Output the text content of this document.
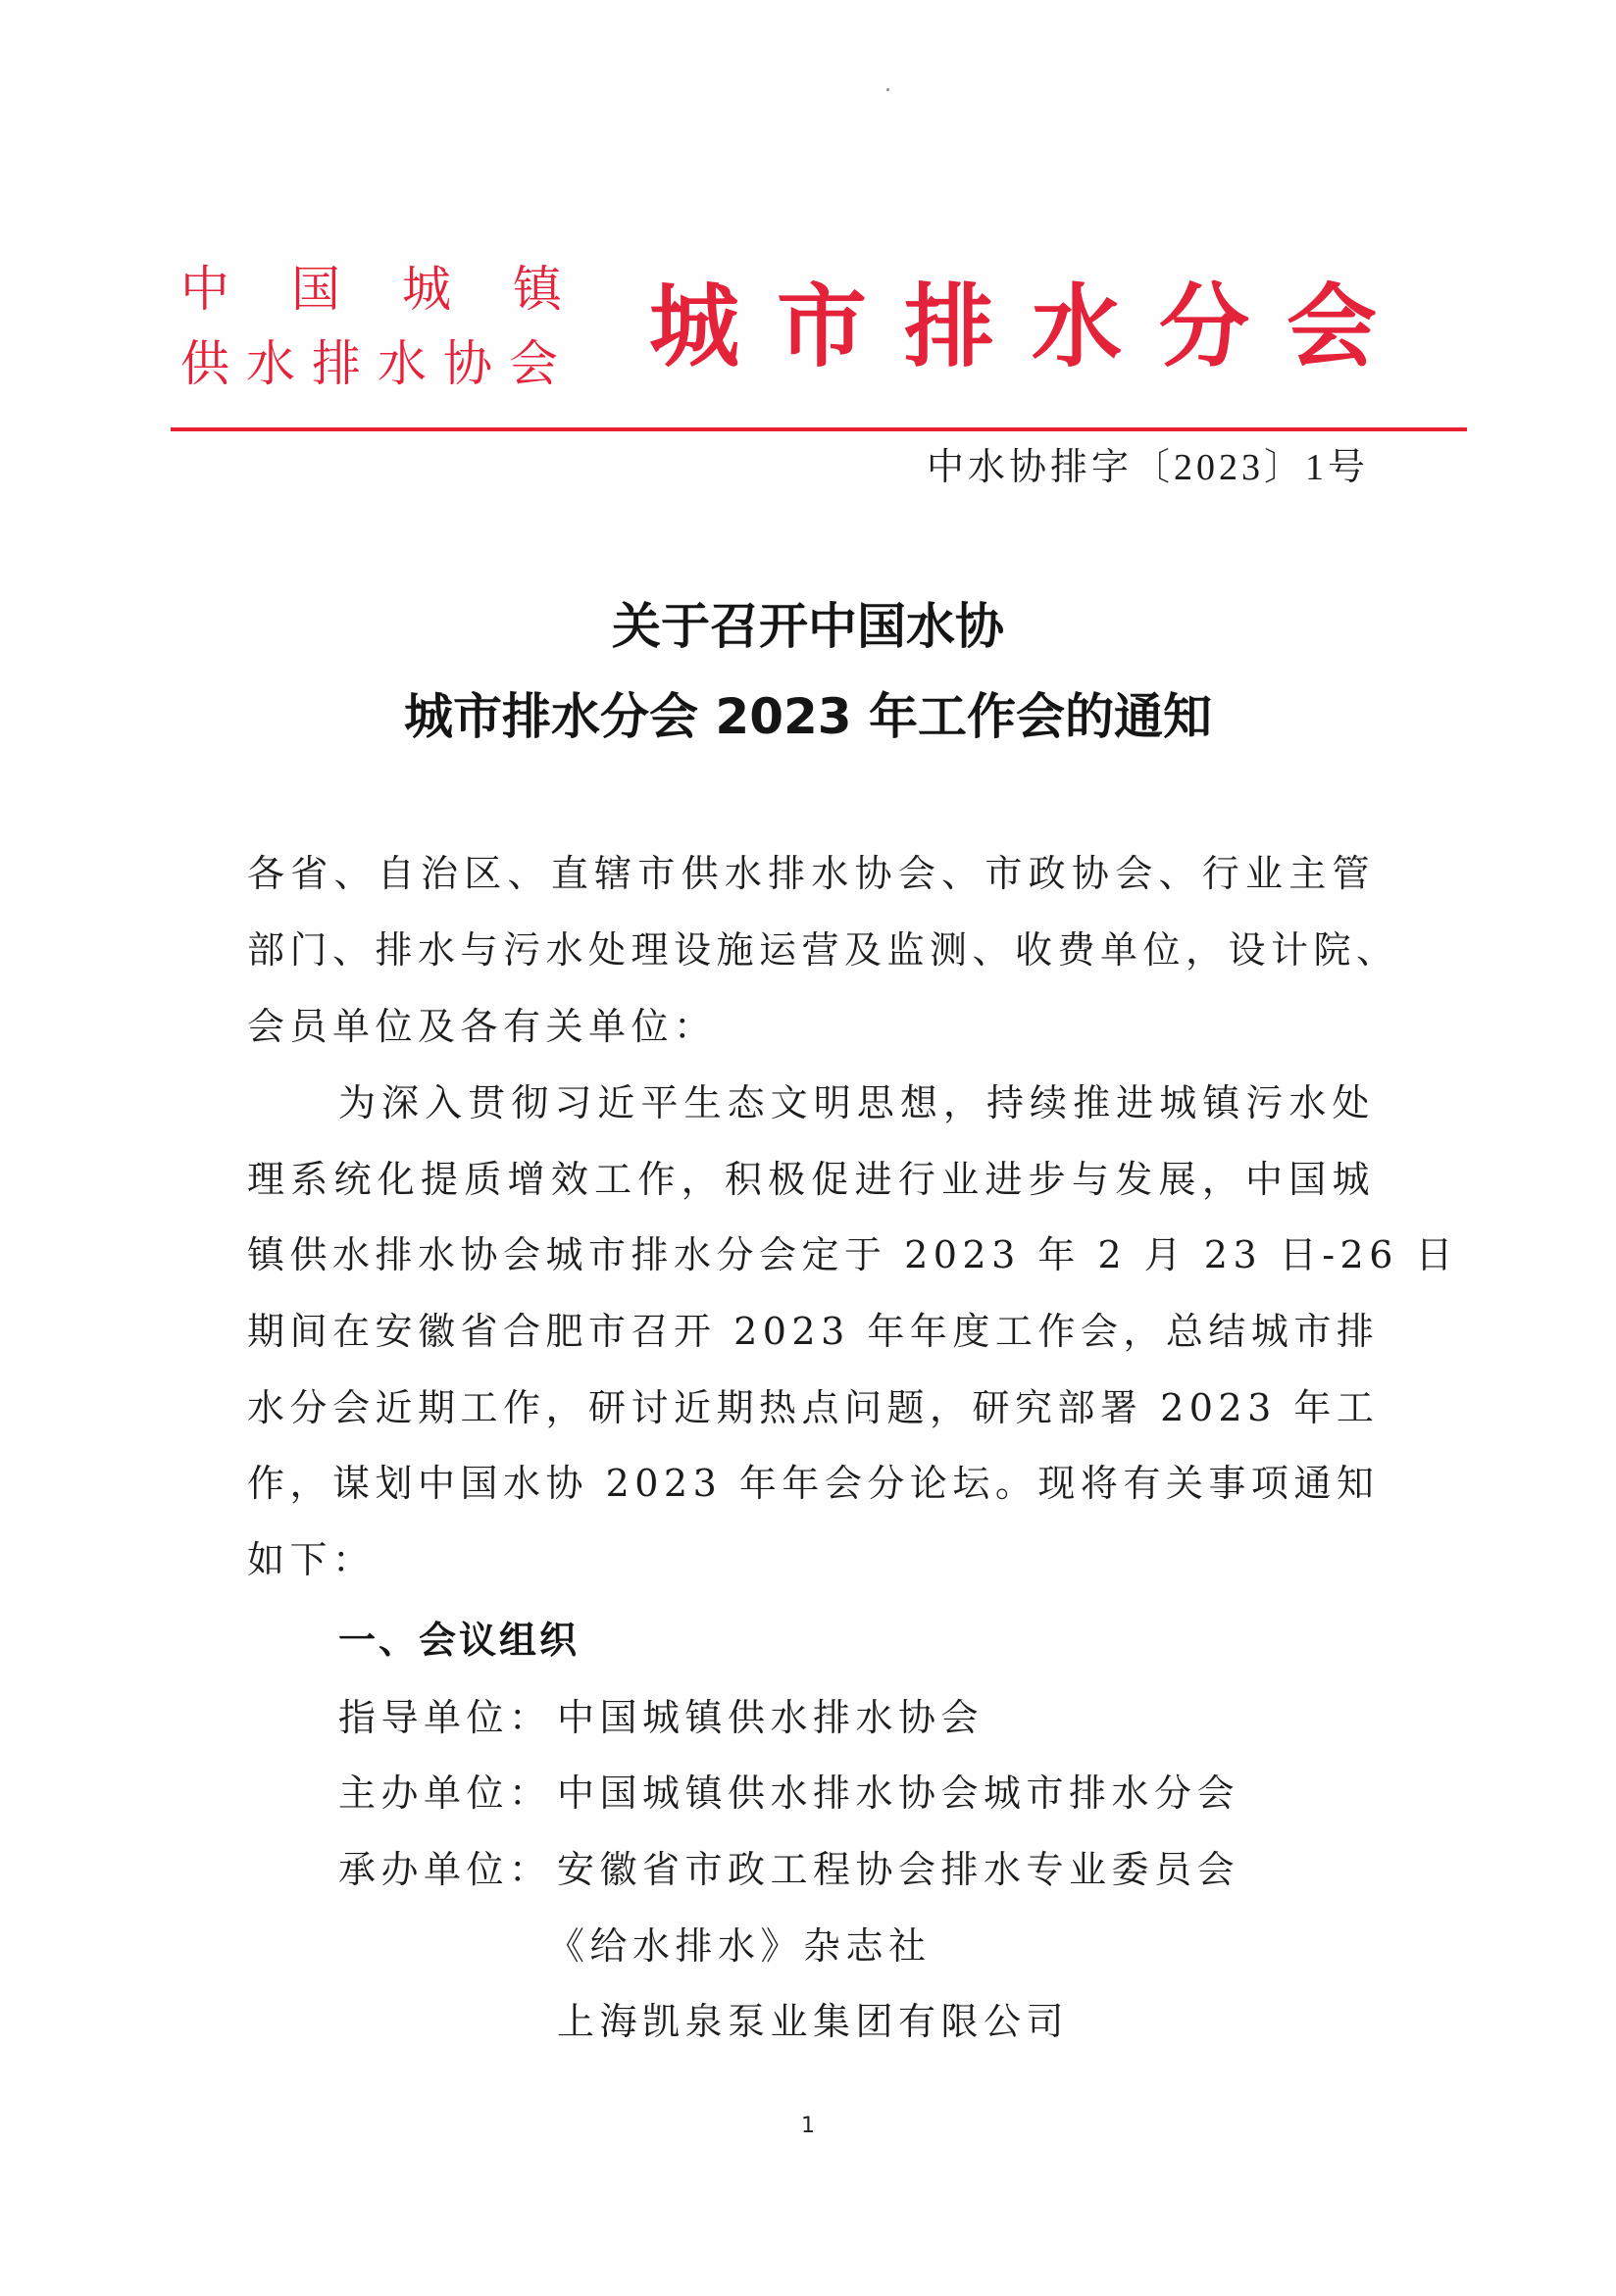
中国城镇
供水排水协会 城市排水分会
中水协排字〔2023〕1号
关于召开中国水协
城市排水分会 2023 年工作会的通知
各省、自治区、直辖市供水排水协会、市政协会、行业主管
部门、排水与污水处理设施运营及监测、收费单位，设计院、
会员单位及各有关单位：
为深入贯彻习近平生态文明思想，持续推进城镇污水处
理系统化提质增效工作，积极促进行业进步与发展，中国城
镇供水排水协会城市排水分会定于 2023 年 2 月 23 日-26 日
期间在安徽省合肥市召开 2023 年年度工作会，总结城市排
水分会近期工作，研讨近期热点问题，研究部署 2023 年工
作，谋划中国水协 2023 年年会分论坛。现将有关事项通知
如下：
一、会议组织
指导单位： 中国城镇供水排水协会
主办单位： 中国城镇供水排水协会城市排水分会
承办单位： 安徽省市政工程协会排水专业委员会
《给水排水》杂志社
上海凯泉泵业集团有限公司
1
